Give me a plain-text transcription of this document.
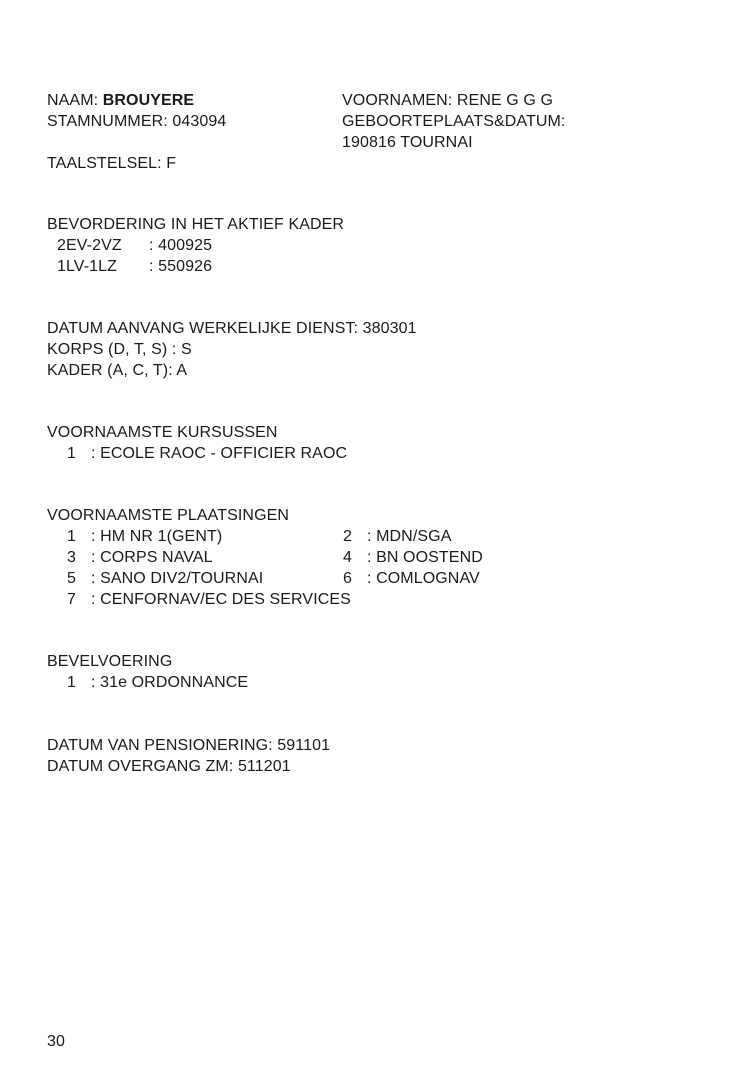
NAAM: BROUYERE
STAMNUMMER: 043094
VOORNAMEN: RENE G G G
GEBOORTEPLAATS&DATUM:
190816 TOURNAI
TAALSTELSEL: F
BEVORDERING IN HET AKTIEF KADER
2EV-2VZ : 400925
1LV-1LZ : 550926
DATUM AANVANG WERKELIJKE DIENST: 380301
KORPS (D, T, S) : S
KADER (A, C, T): A
VOORNAAMSTE KURSUSSEN
1 : ECOLE RAOC - OFFICIER RAOC
VOORNAAMSTE PLAATSINGEN
1 : HM NR 1(GENT)	2 : MDN/SGA
3 : CORPS NAVAL	4 : BN OOSTEND
5 : SANO DIV2/TOURNAI	6 : COMLOGNAV
7 : CENFORNAV/EC DES SERVICES
BEVELVOERING
1 : 31e ORDONNANCE
DATUM VAN PENSIONERING: 591101
DATUM OVERGANG ZM: 511201
30
